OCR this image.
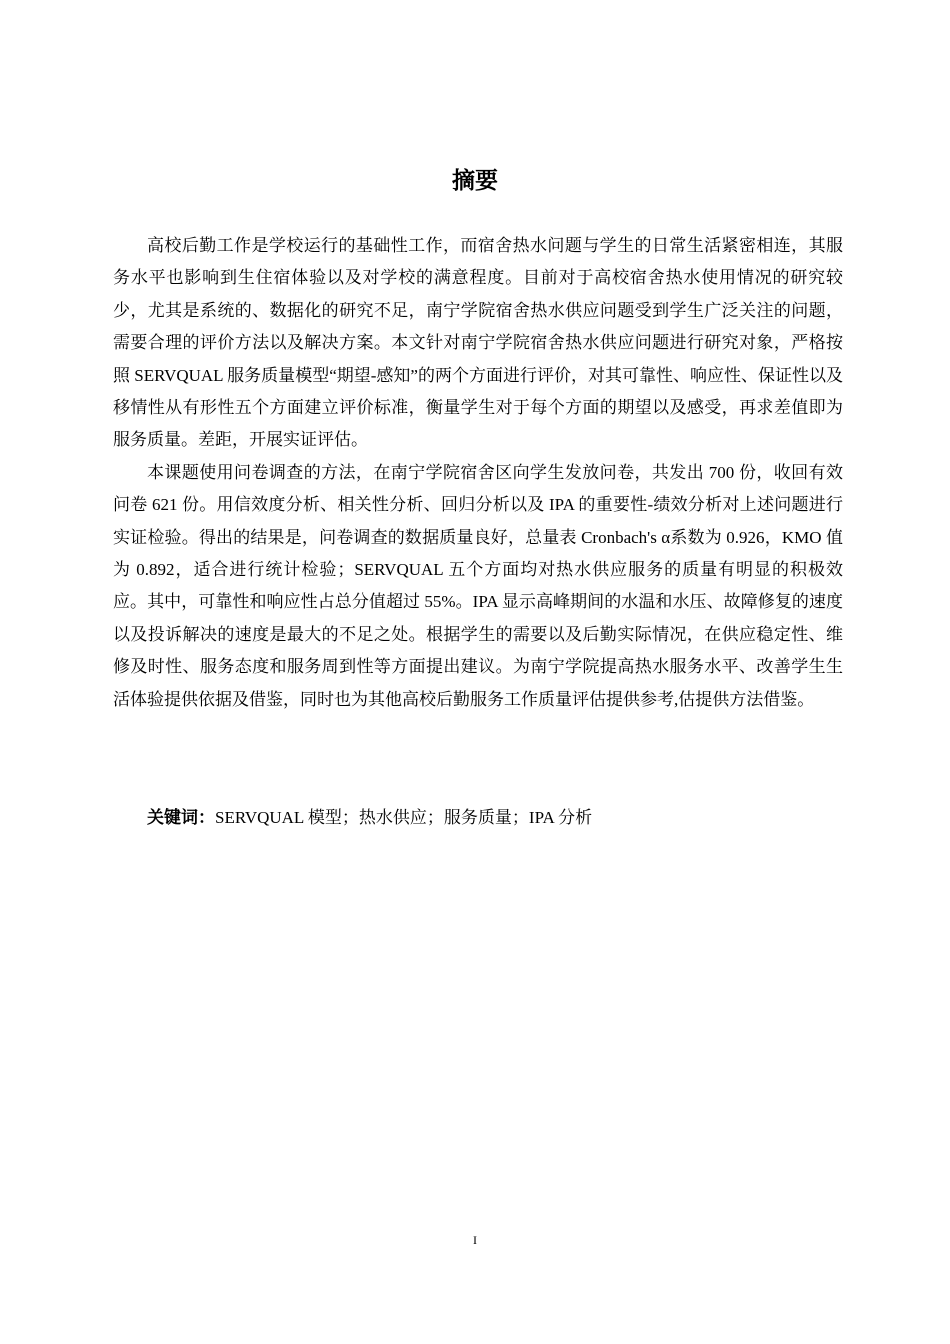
摘要

高校后勤工作是学校运行的基础性工作，而宿舍热水问题与学生的日常生活紧密相连，其服务水平也影响到生住宿体验以及对学校的满意程度。目前对于高校宿舍热水使用情况的研究较少，尤其是系统的、数据化的研究不足，南宁学院宿舍热水供应问题受到学生广泛关注的问题，需要合理的评价方法以及解决方案。本文针对南宁学院宿舍热水供应问题进行研究对象，严格按照 SERVQUAL 服务质量模型“期望-感知”的两个方面进行评价，对其可靠性、响应性、保证性以及移情性从有形性五个方面建立评价标准，衡量学生对于每个方面的期望以及感受，再求差值即为服务质量。差距，开展实证评估。

本课题使用问卷调查的方法，在南宁学院宿舍区向学生发放问卷，共发出 700 份，收回有效问卷 621 份。用信效度分析、相关性分析、回归分析以及 IPA 的重要性-绩效分析对上述问题进行实证检验。得出的结果是，问卷调查的数据质量良好，总量表 Cronbach's α系数为 0.926，KMO 值为 0.892，适合进行统计检验；SERVQUAL 五个方面均对热水供应服务的质量有明显的积极效应。其中，可靠性和响应性占总分值超过 55%。IPA 显示高峰期间的水温和水压、故障修复的速度以及投诉解决的速度是最大的不足之处。根据学生的需要以及后勤实际情况，在供应稳定性、维修及时性、服务态度和服务周到性等方面提出建议。为南宁学院提高热水服务水平、改善学生生活体验提供依据及借鉴，同时也为其他高校后勤服务工作质量评估提供参考,估提供方法借鉴。

关键词：SERVQUAL 模型；热水供应；服务质量；IPA 分析

I
